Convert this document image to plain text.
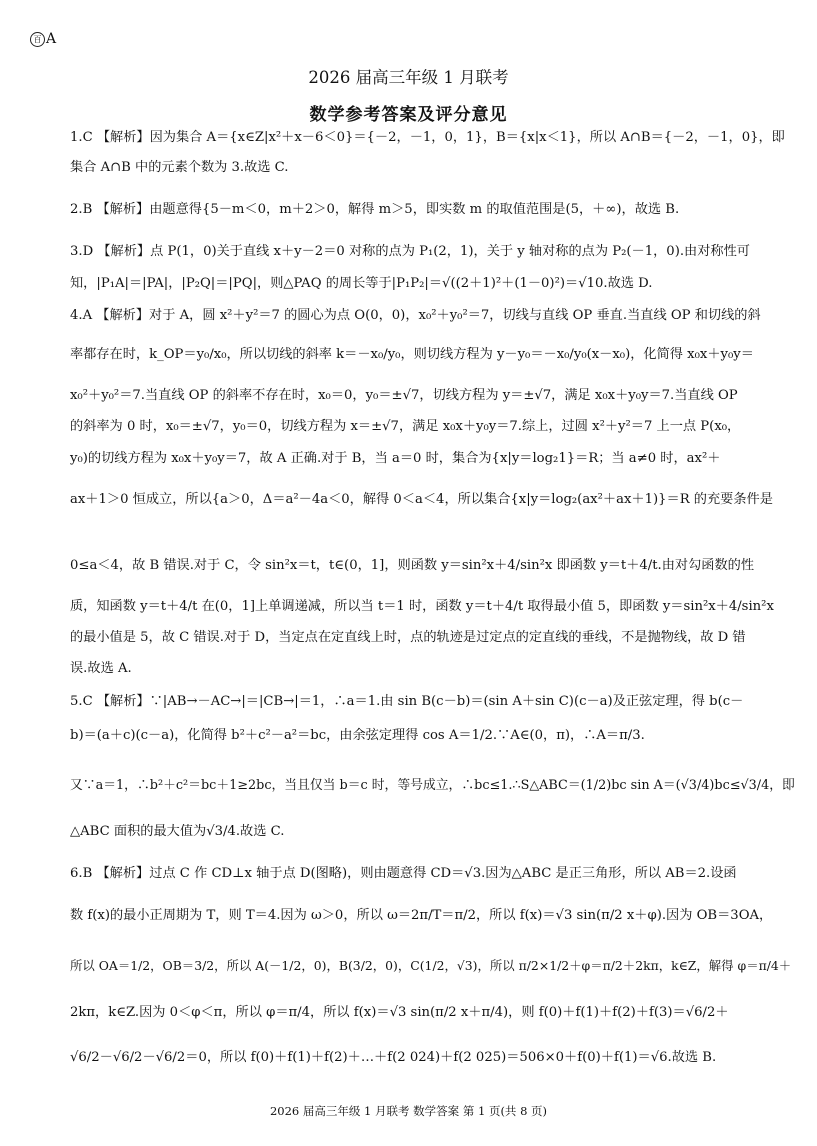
百 A
2026 届高三年级 1 月联考
数学参考答案及评分意见
1.C 【解析】因为集合 A＝{x∈Z|x²＋x－6＜0}＝{－2，－1，0，1}，B＝{x|x＜1}，所以 A∩B＝{－2，－1，0}，即
集合 A∩B 中的元素个数为 3.故选 C.
2.B 【解析】由题意得{5－m＜0，m＋2＞0，解得 m＞5，即实数 m 的取值范围是(5，＋∞)，故选 B.
3.D 【解析】点 P(1，0)关于直线 x＋y－2＝0 对称的点为 P₁(2，1)，关于 y 轴对称的点为 P₂(－1，0).由对称性可
知，|P₁A|＝|PA|，|P₂Q|＝|PQ|，则△PAQ 的周长等于|P₁P₂|＝√((2＋1)²＋(1－0)²)＝√10.故选 D.
4.A 【解析】对于 A，圆 x²＋y²＝7 的圆心为点 O(0，0)，x₀²＋y₀²＝7，切线与直线 OP 垂直.当直线 OP 和切线的斜
率都存在时，k_OP＝y₀/x₀，所以切线的斜率 k＝－x₀/y₀，则切线方程为 y－y₀＝－x₀/y₀(x－x₀)，化简得 x₀x＋y₀y＝
x₀²＋y₀²＝7.当直线 OP 的斜率不存在时，x₀＝0，y₀＝±√7，切线方程为 y＝±√7，满足 x₀x＋y₀y＝7.当直线 OP
的斜率为 0 时，x₀＝±√7，y₀＝0，切线方程为 x＝±√7，满足 x₀x＋y₀y＝7.综上，过圆 x²＋y²＝7 上一点 P(x₀，
y₀)的切线方程为 x₀x＋y₀y＝7，故 A 正确.对于 B，当 a＝0 时，集合为{x|y＝log₂1}＝R；当 a≠0 时，ax²＋
ax＋1＞0 恒成立，所以{a＞0，Δ＝a²－4a＜0，解得 0＜a＜4，所以集合{x|y＝log₂(ax²＋ax＋1)}＝R 的充要条件是
0≤a＜4，故 B 错误.对于 C，令 sin²x＝t，t∈(0，1]，则函数 y＝sin²x＋4/sin²x 即函数 y＝t＋4/t.由对勾函数的性
质，知函数 y＝t＋4/t 在(0，1]上单调递减，所以当 t＝1 时，函数 y＝t＋4/t 取得最小值 5，即函数 y＝sin²x＋4/sin²x
的最小值是 5，故 C 错误.对于 D，当定点在定直线上时，点的轨迹是过定点的定直线的垂线，不是抛物线，故 D 错
误.故选 A.
5.C 【解析】∵|AB→－AC→|＝|CB→|＝1，∴a＝1.由 sin B(c－b)＝(sin A＋sin C)(c－a)及正弦定理，得 b(c－
b)＝(a＋c)(c－a)，化简得 b²＋c²－a²＝bc，由余弦定理得 cos A＝1/2.∵A∈(0，π)，∴A＝π/3.
又∵a＝1，∴b²＋c²＝bc＋1≥2bc，当且仅当 b＝c 时，等号成立，∴bc≤1.∴S△ABC＝(1/2)bc sin A＝(√3/4)bc≤√3/4，即
△ABC 面积的最大值为√3/4.故选 C.
6.B 【解析】过点 C 作 CD⊥x 轴于点 D(图略)，则由题意得 CD＝√3.因为△ABC 是正三角形，所以 AB＝2.设函
数 f(x)的最小正周期为 T，则 T＝4.因为 ω＞0，所以 ω＝2π/T＝π/2，所以 f(x)＝√3 sin(π/2 x＋φ).因为 OB＝3OA，
所以 OA＝1/2，OB＝3/2，所以 A(－1/2，0)，B(3/2，0)，C(1/2，√3)，所以 π/2×1/2＋φ＝π/2＋2kπ，k∈Z，解得 φ＝π/4＋
2kπ，k∈Z.因为 0＜φ＜π，所以 φ＝π/4，所以 f(x)＝√3 sin(π/2 x＋π/4)，则 f(0)＋f(1)＋f(2)＋f(3)＝√6/2＋
√6/2－√6/2－√6/2＝0，所以 f(0)＋f(1)＋f(2)＋…＋f(2 024)＋f(2 025)＝506×0＋f(0)＋f(1)＝√6.故选 B.
2026 届高三年级 1 月联考 数学答案 第 1 页(共 8 页)
